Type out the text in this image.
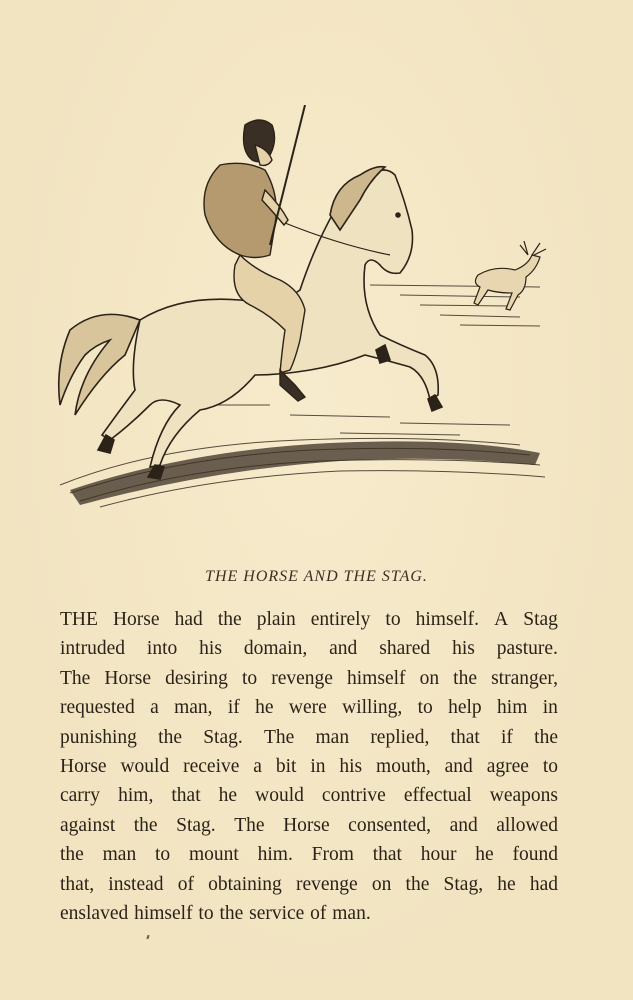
THE HORSE AND THE STAG.
THE Horse had the plain entirely to himself. A Stag
intruded into his domain, and shared his pasture.
The Horse desiring to revenge himself on the stranger,
requested a man, if he were willing, to help him in
punishing the Stag. The man replied, that if the
Horse would receive a bit in his mouth, and agree to
carry him, that he would contrive effectual weapons
against the Stag. The Horse consented, and allowed
the man to mount him. From that hour he found
that, instead of obtaining revenge on the Stag, he had
enslaved himself to the service of man.
